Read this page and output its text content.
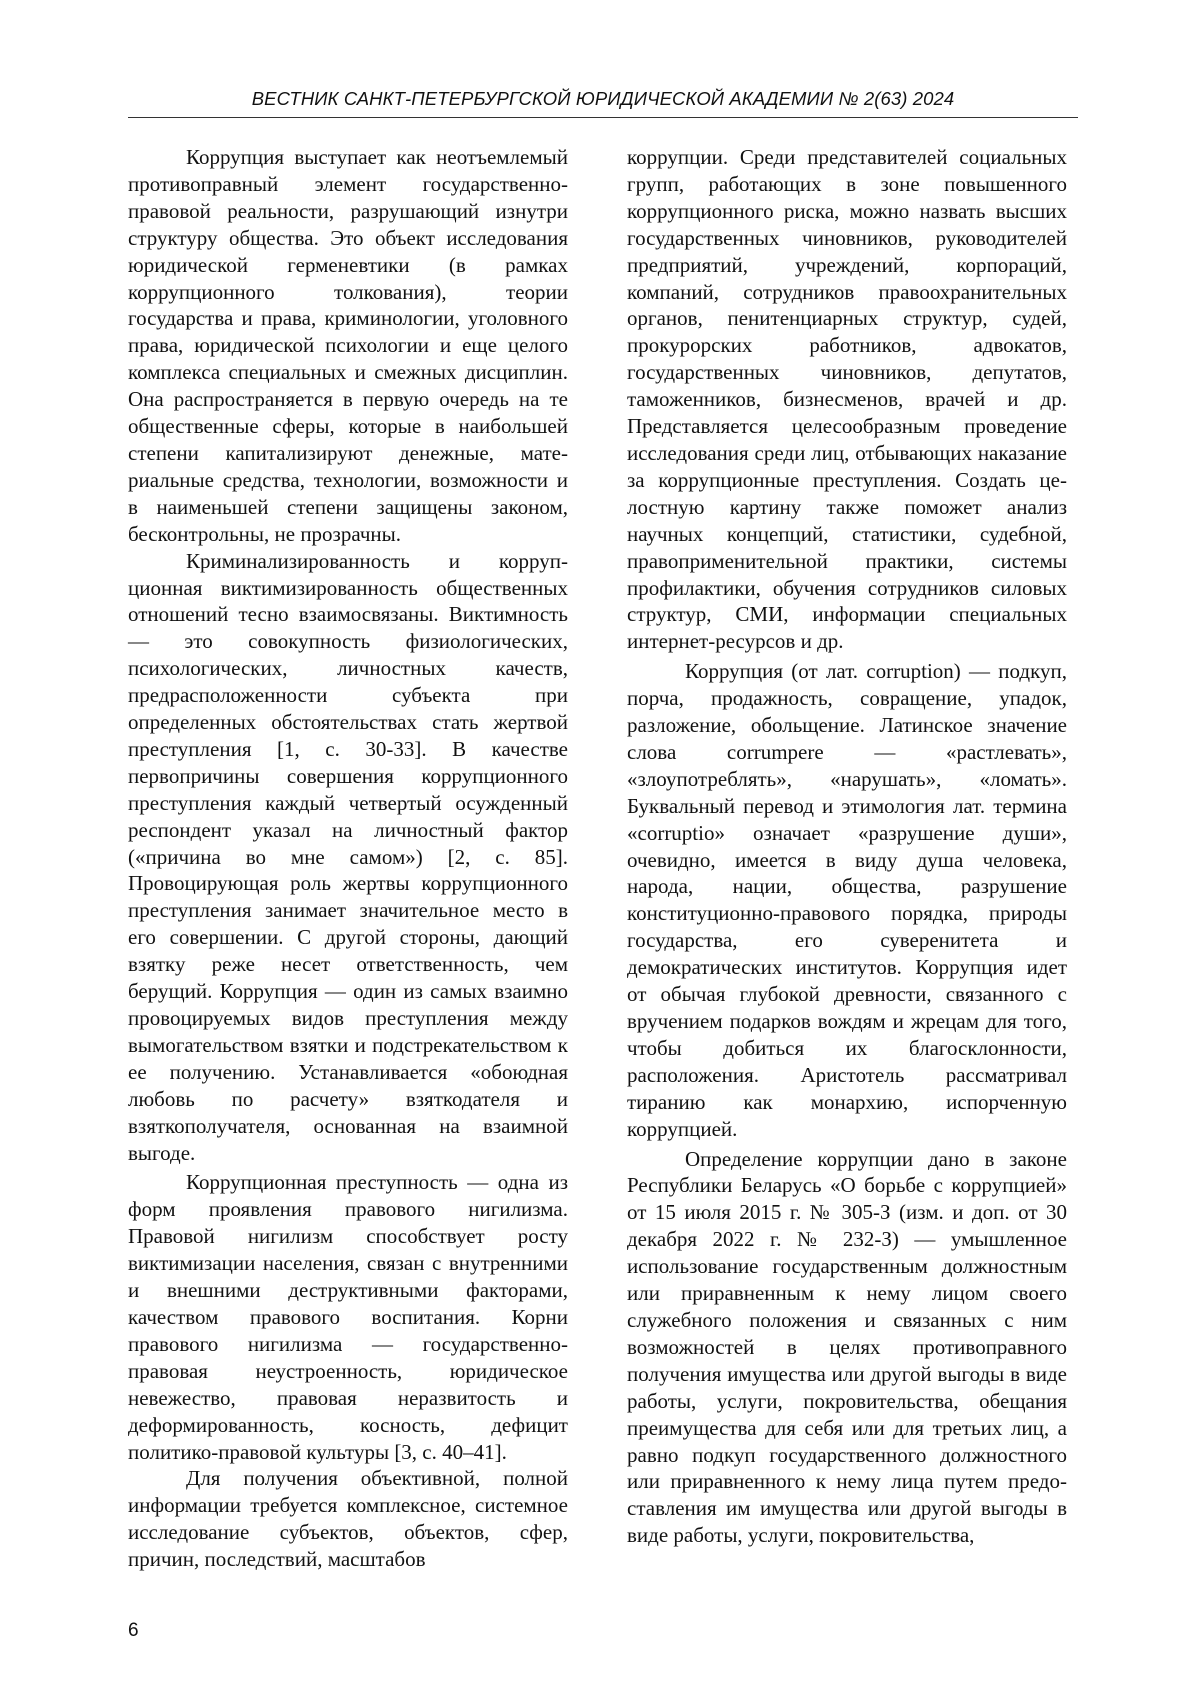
ВЕСТНИК САНКТ-ПЕТЕРБУРГСКОЙ ЮРИДИЧЕСКОЙ АКАДЕМИИ № 2(63) 2024

Коррупция выступает как неотъемлемый противоправный элемент государственно-правовой реальности, разрушающий изнутри структуру общества. Это объект исследования юридической герменевтики (в рамках коррупционного толкования), теории государства и права, криминологии, уголовного права, юридической психологии и еще целого комплекса специальных и смежных дисциплин. Она распространяется в первую очередь на те общественные сферы, которые в наибольшей степени капитализируют денежные, материальные средства, технологии, возможности и в наименьшей степени защищены законом, бесконтрольны, не прозрачны.

Криминализированность и коррупционная виктимизированность общественных отношений тесно взаимосвязаны. Виктимность — это совокупность физиологических, психологических, личностных качеств, предрасположенности субъекта при определенных обстоятельствах стать жертвой преступления [1, с. 30-33]. В качестве первопричины совершения коррупционного преступления каждый четвертый осужденный респондент указал на личностный фактор («причина во мне самом») [2, с. 85]. Провоцирующая роль жертвы коррупционного преступления занимает значительное место в его совершении. С другой стороны, дающий взятку реже несет ответственность, чем берущий. Коррупция — один из самых взаимно провоцируемых видов преступления между вымогательством взятки и подстрекательством к ее получению. Устанавливается «обоюдная любовь по расчету» взяткодателя и взяткополучателя, основанная на взаимной выгоде.

Коррупционная преступность — одна из форм проявления правового нигилизма. Правовой нигилизм способствует росту виктимизации населения, связан с внутренними и внешними деструктивными факторами, качеством правового воспитания. Корни правового нигилизма — государственно-правовая неустроенность, юридическое невежество, правовая неразвитость и деформированность, косность, дефицит политико-правовой культуры [3, с. 40–41].

Для получения объективной, полной информации требуется комплексное, системное исследование субъектов, объектов, сфер, причин, последствий, масштабов

коррупции. Среди представителей социальных групп, работающих в зоне повышенного коррупционного риска, можно назвать высших государственных чиновников, руководителей предприятий, учреждений, корпораций, компаний, сотрудников правоохранительных органов, пенитенциарных структур, судей, прокурорских работников, адвокатов, государственных чиновников, депутатов, таможенников, бизнесменов, врачей и др. Представляется целесообразным проведение исследования среди лиц, отбывающих наказание за коррупционные преступления. Создать целостную картину также поможет анализ научных концепций, статистики, судебной, правоприменительной практики, системы профилактики, обучения сотрудников силовых структур, СМИ, информации специальных интернет-ресурсов и др.

Коррупция (от лат. corruption) — подкуп, порча, продажность, совращение, упадок, разложение, обольщение. Латинское значение слова corrumpere — «растлевать», «злоупотреблять», «нарушать», «ломать». Буквальный перевод и этимология лат. термина «corruptio» означает «разрушение души», очевидно, имеется в виду душа человека, народа, нации, общества, разрушение конституционно-правового порядка, природы государства, его суверенитета и демократических институтов. Коррупция идет от обычая глубокой древности, связанного с вручением подарков вождям и жрецам для того, чтобы добиться их благосклонности, расположения. Аристотель рассматривал тиранию как монархию, испорченную коррупцией.

Определение коррупции дано в законе Республики Беларусь «О борьбе с коррупцией» от 15 июля 2015 г. № 305-З (изм. и доп. от 30 декабря 2022 г. № 232-З) — умышленное использование государственным должностным или приравненным к нему лицом своего служебного положения и связанных с ним возможностей в целях противоправного получения имущества или другой выгоды в виде работы, услуги, покровительства, обещания преимущества для себя или для третьих лиц, а равно подкуп государственного должностного или приравненного к нему лица путем предоставления им имущества или другой выгоды в виде работы, услуги, покровительства,

6
